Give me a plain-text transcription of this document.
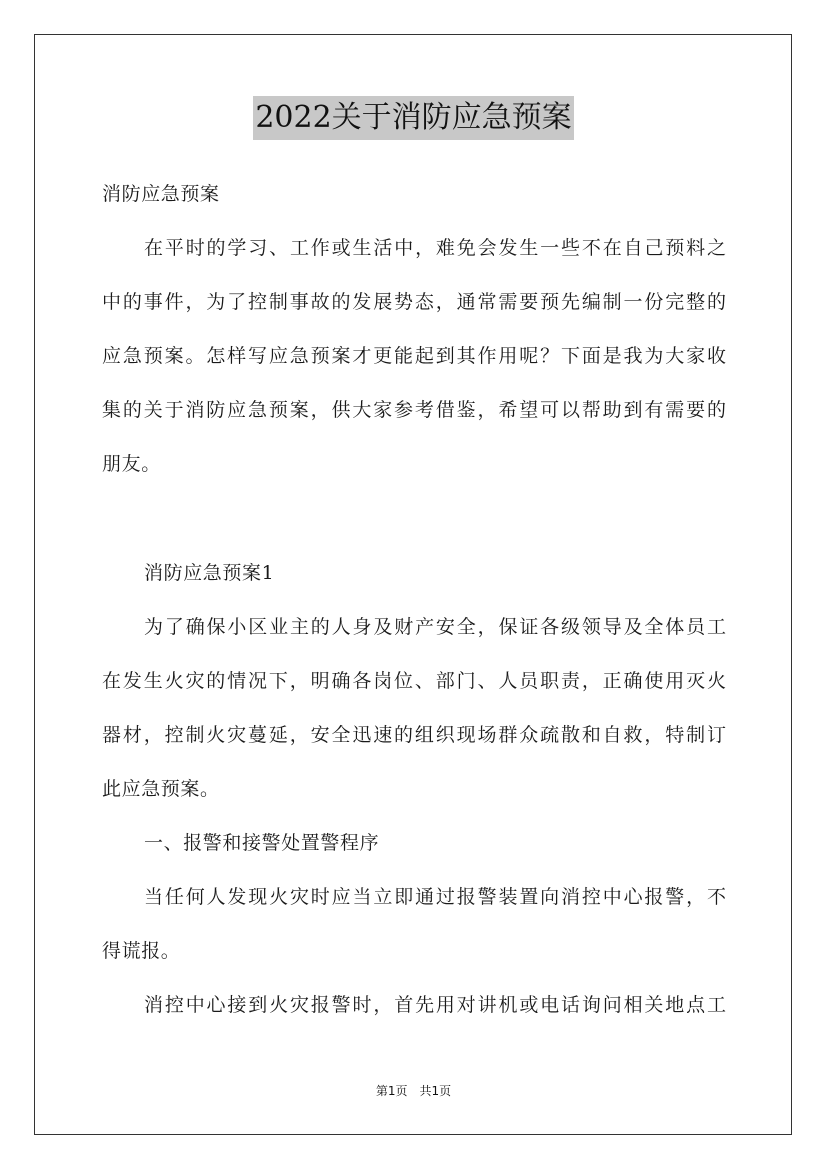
2022关于消防应急预案
消防应急预案
在平时的学习、工作或生活中，难免会发生一些不在自己预料之
中的事件，为了控制事故的发展势态，通常需要预先编制一份完整的
应急预案。怎样写应急预案才更能起到其作用呢？下面是我为大家收
集的关于消防应急预案，供大家参考借鉴，希望可以帮助到有需要的
朋友。
消防应急预案1
为了确保小区业主的人身及财产安全，保证各级领导及全体员工
在发生火灾的情况下，明确各岗位、部门、人员职责，正确使用灭火
器材，控制火灾蔓延，安全迅速的组织现场群众疏散和自救，特制订
此应急预案。
一、报警和接警处置警程序
当任何人发现火灾时应当立即通过报警装置向消控中心报警，不
得谎报。
消控中心接到火灾报警时，首先用对讲机或电话询问相关地点工
第1页 共1页
